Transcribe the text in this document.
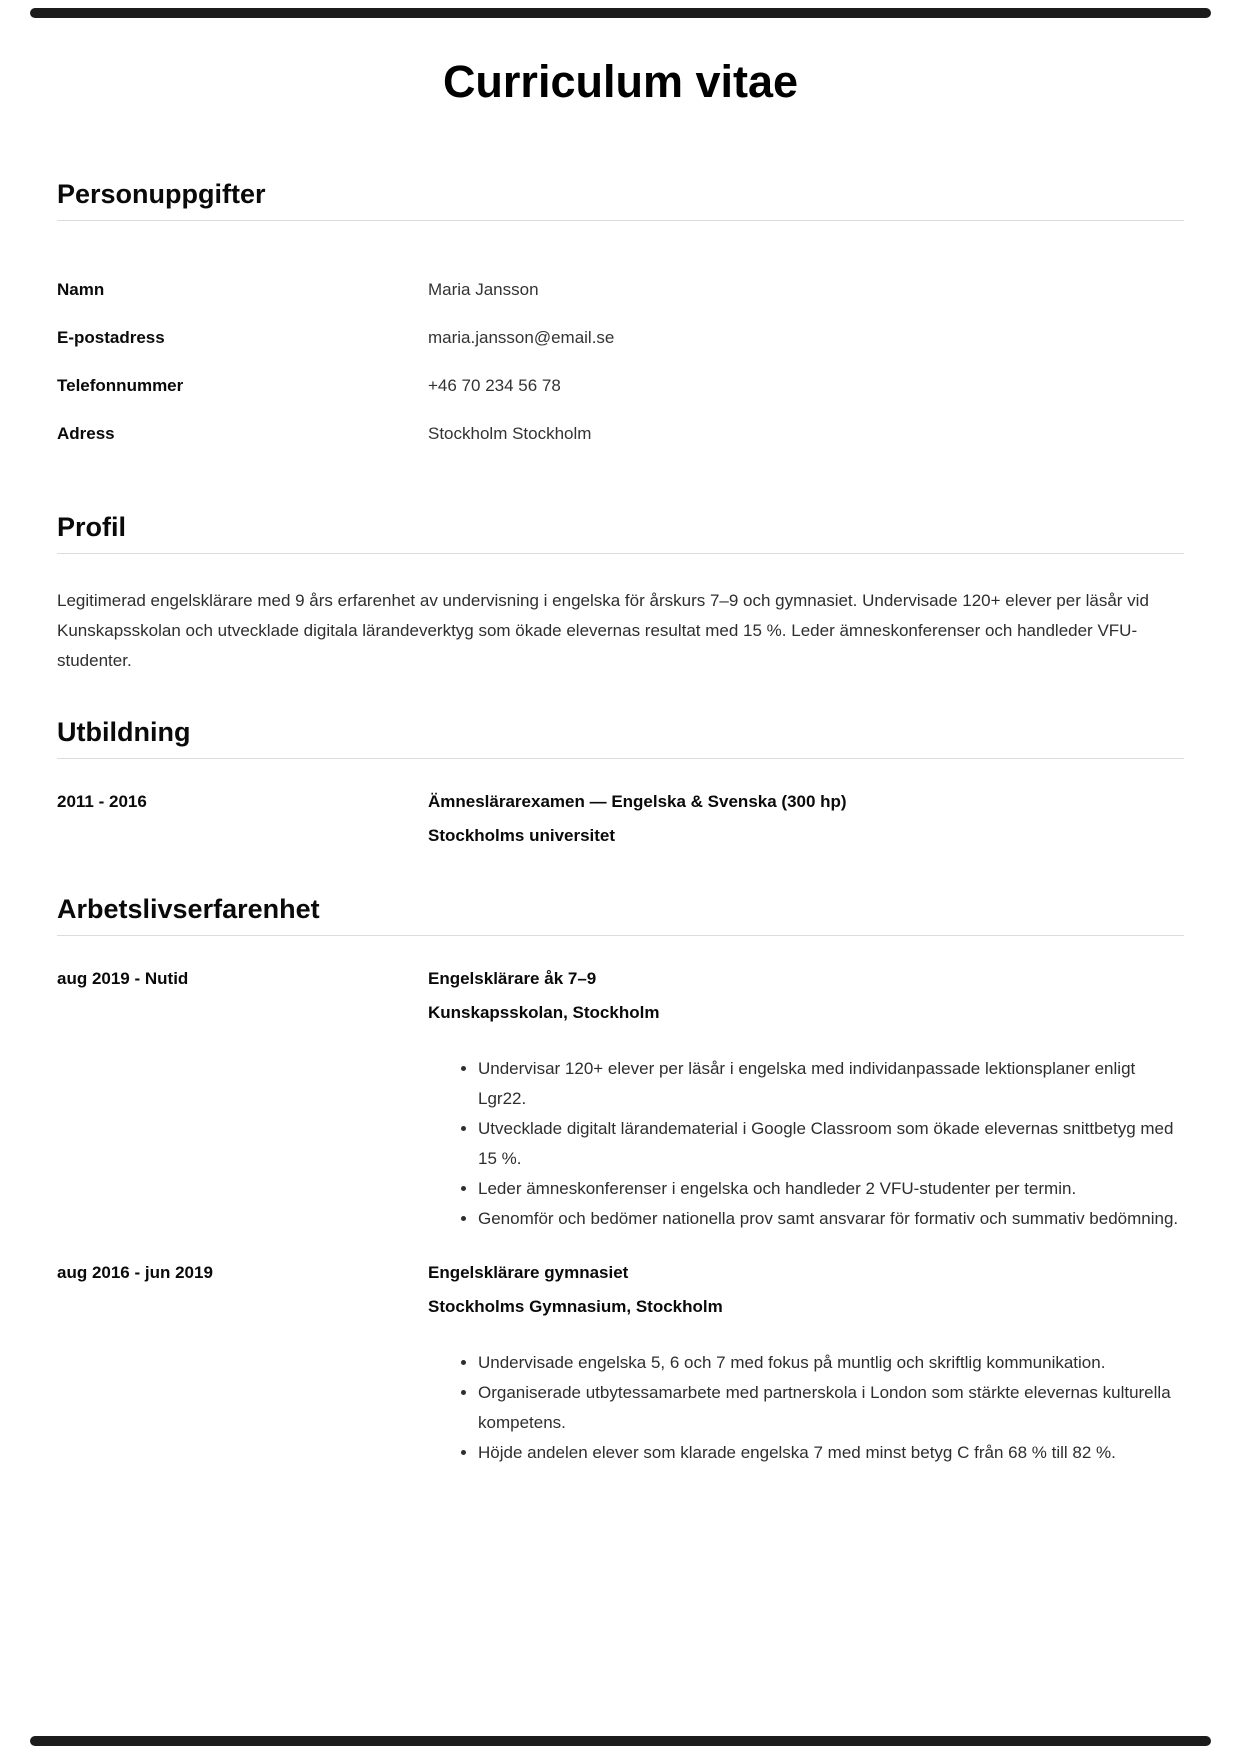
Curriculum vitae
Personuppgifter
Namn	Maria Jansson
E-postadress	maria.jansson@email.se
Telefonnummer	+46 70 234 56 78
Adress	Stockholm Stockholm
Profil

Legitimerad engelsklärare med 9 års erfarenhet av undervisning i engelska för årskurs 7–9 och gymnasiet. Undervisade 120+ elever per läsår vid Kunskapsskolan och utvecklade digitala lärandeverktyg som ökade elevernas resultat med 15 %. Leder ämneskonferenser och handleder VFU-studenter.

Utbildning
2011 - 2016	Ämneslärarexamen — Engelska & Svenska (300 hp)
Stockholms universitet
Arbetslivserfarenhet
aug 2019 - Nutid	Engelsklärare åk 7–9
Kunskapsskolan, Stockholm
• Undervisar 120+ elever per läsår i engelska med individanpassade lektionsplaner enligt Lgr22.
• Utvecklade digitalt lärandematerial i Google Classroom som ökade elevernas snittbetyg med 15 %.
• Leder ämneskonferenser i engelska och handleder 2 VFU-studenter per termin.
• Genomför och bedömer nationella prov samt ansvarar för formativ och summativ bedömning.
aug 2016 - jun 2019	Engelsklärare gymnasiet
Stockholms Gymnasium, Stockholm
• Undervisade engelska 5, 6 och 7 med fokus på muntlig och skriftlig kommunikation.
• Organiserade utbytessamarbete med partnerskola i London som stärkte elevernas kulturella kompetens.
• Höjde andelen elever som klarade engelska 7 med minst betyg C från 68 % till 82 %.
